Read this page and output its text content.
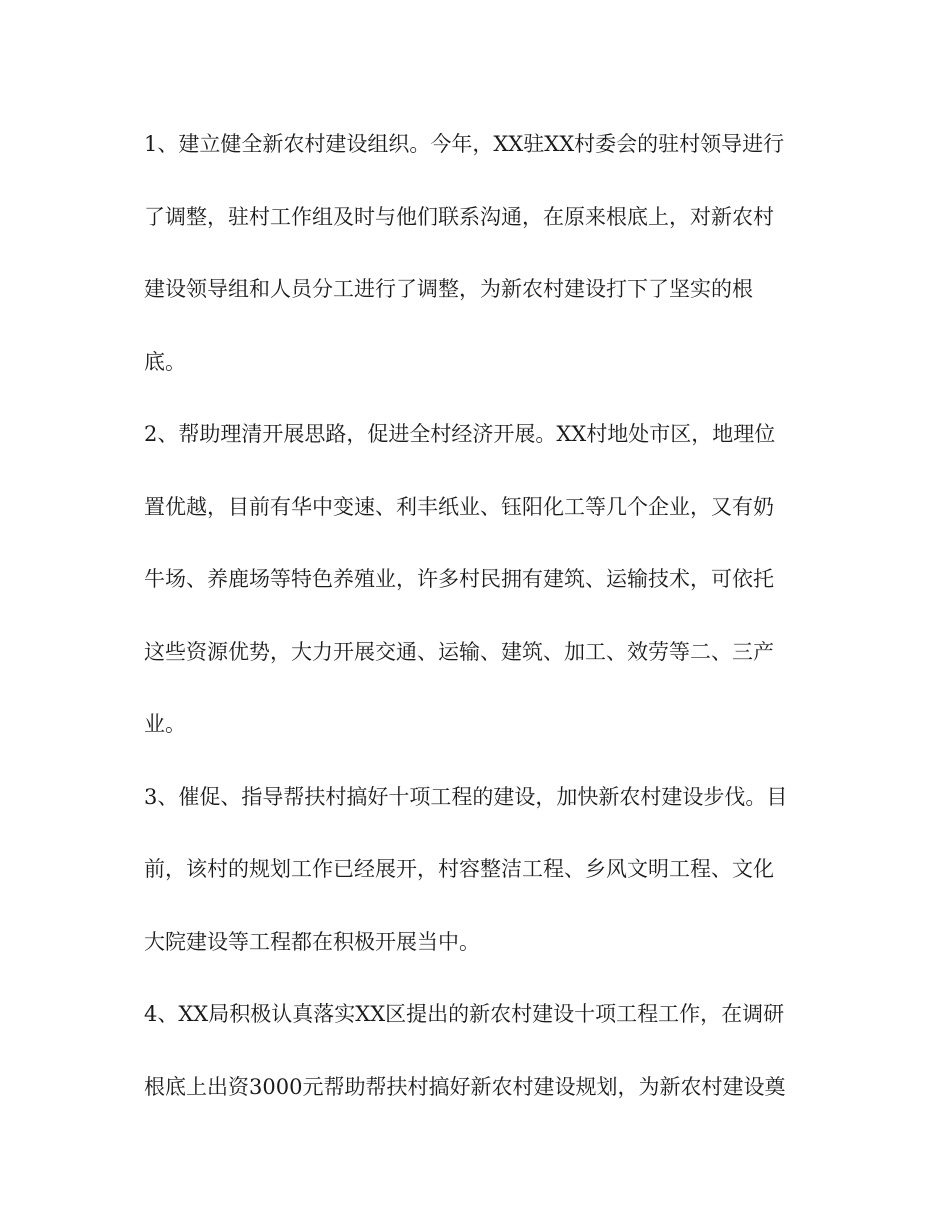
1、建立健全新农村建设组织。今年，XX驻XX村委会的驻村领导进行
了调整，驻村工作组及时与他们联系沟通，在原来根底上，对新农村
建设领导组和人员分工进行了调整，为新农村建设打下了坚实的根
底。
2、帮助理清开展思路，促进全村经济开展。XX村地处市区，地理位
置优越，目前有华中变速、利丰纸业、钰阳化工等几个企业，又有奶
牛场、养鹿场等特色养殖业，许多村民拥有建筑、运输技术，可依托
这些资源优势，大力开展交通、运输、建筑、加工、效劳等二、三产
业。
3、催促、指导帮扶村搞好十项工程的建设，加快新农村建设步伐。目
前，该村的规划工作已经展开，村容整洁工程、乡风文明工程、文化
大院建设等工程都在积极开展当中。
4、XX局积极认真落实XX区提出的新农村建设十项工程工作，在调研
根底上出资3000元帮助帮扶村搞好新农村建设规划，为新农村建设奠
